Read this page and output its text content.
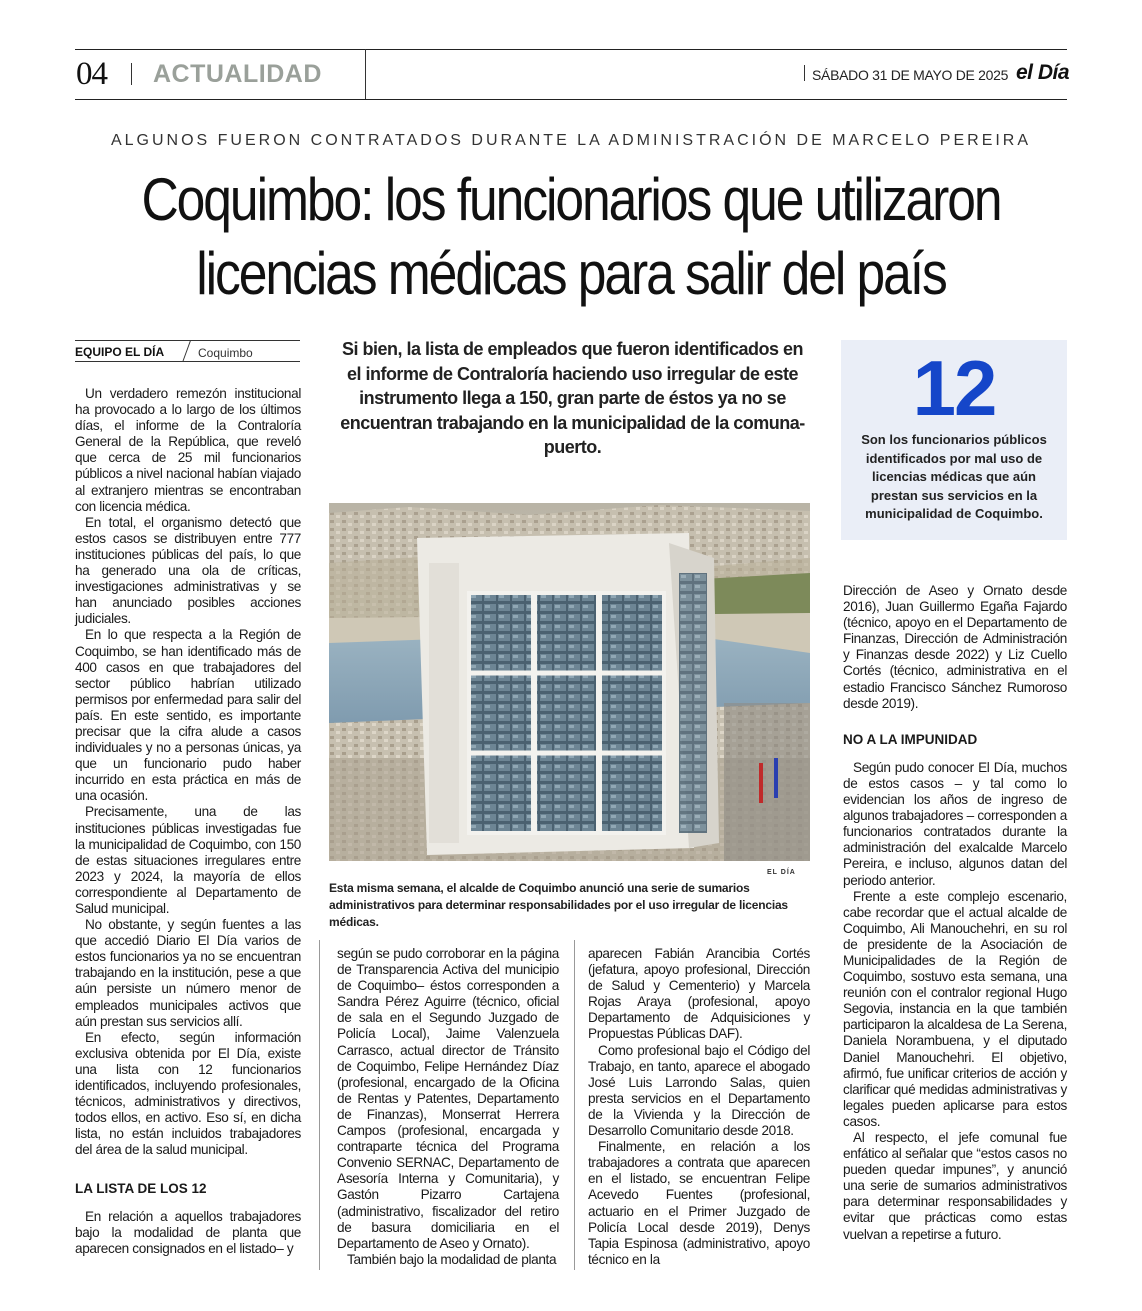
04 ACTUALIDAD	SÁBADO 31 DE MAYO DE 2025 el Día
ALGUNOS FUERON CONTRATADOS DURANTE LA ADMINISTRACIÓN DE MARCELO PEREIRA
Coquimbo: los funcionarios que utilizaron
licencias médicas para salir del país
EQUIPO EL DÍA	Coquimbo

Un verdadero remezón institucional ha provocado a lo largo de los últimos días, el informe de la Contraloría General de la República, que reveló que cerca de 25 mil funcionarios públicos a nivel nacional habían viajado al extranjero mientras se encontraban con licencia médica.

En total, el organismo detectó que estos casos se distribuyen entre 777 instituciones públicas del país, lo que ha generado una ola de críticas, investigaciones administrativas y se han anunciado posibles acciones judiciales.

En lo que respecta a la Región de Coquimbo, se han identificado más de 400 casos en que trabajadores del sector público habrían utilizado permisos por enfermedad para salir del país. En este sentido, es importante precisar que la cifra alude a casos individuales y no a personas únicas, ya que un funcionario pudo haber incurrido en esta práctica en más de una ocasión.

Precisamente, una de las instituciones públicas investigadas fue la municipalidad de Coquimbo, con 150 de estas situaciones irregulares entre 2023 y 2024, la mayoría de ellos correspondiente al Departamento de Salud municipal.

No obstante, y según fuentes a las que accedió Diario El Día varios de estos funcionarios ya no se encuentran trabajando en la institución, pese a que aún persiste un número menor de empleados municipales activos que aún prestan sus servicios allí.

En efecto, según información exclusiva obtenida por El Día, existe una lista con 12 funcionarios identificados, incluyendo profesionales, técnicos, administrativos y directivos, todos ellos, en activo. Eso sí, en dicha lista, no están incluidos trabajadores del área de la salud municipal.

LA LISTA DE LOS 12

En relación a aquellos trabajadores bajo la modalidad de planta que aparecen consignados en el listado– y

Si bien, la lista de empleados que fueron identificados en el informe de Contraloría haciendo uso irregular de este instrumento llega a 150, gran parte de éstos ya no se encuentran trabajando en la municipalidad de la comuna-puerto.
12
Son los funcionarios públicos identificados por mal uso de licencias médicas que aún prestan sus servicios en la municipalidad de Coquimbo.
EL DÍA
Esta misma semana, el alcalde de Coquimbo anunció una serie de sumarios administrativos para determinar responsabilidades por el uso irregular de licencias médicas.

según se pudo corroborar en la página de Transparencia Activa del municipio de Coquimbo– éstos corresponden a Sandra Pérez Aguirre (técnico, oficial de sala en el Segundo Juzgado de Policía Local), Jaime Valenzuela Carrasco, actual director de Tránsito de Coquimbo, Felipe Hernández Díaz (profesional, encargado de la Oficina de Rentas y Patentes, Departamento de Finanzas), Monserrat Herrera Campos (profesional, encargada y contraparte técnica del Programa Convenio SERNAC, Departamento de Asesoría Interna y Comunitaria), y Gastón Pizarro Cartajena (administrativo, fiscalizador del retiro de basura domiciliaria en el Departamento de Aseo y Ornato).

También bajo la modalidad de planta

aparecen Fabián Arancibia Cortés (jefatura, apoyo profesional, Dirección de Salud y Cementerio) y Marcela Rojas Araya (profesional, apoyo Departamento de Adquisiciones y Propuestas Públicas DAF).

Como profesional bajo el Código del Trabajo, en tanto, aparece el abogado José Luis Larrondo Salas, quien presta servicios en el Departamento de la Vivienda y la Dirección de Desarrollo Comunitario desde 2018.

Finalmente, en relación a los trabajadores a contrata que aparecen en el listado, se encuentran Felipe Acevedo Fuentes (profesional, actuario en el Primer Juzgado de Policía Local desde 2019), Denys Tapia Espinosa (administrativo, apoyo técnico en la

Dirección de Aseo y Ornato desde 2016), Juan Guillermo Egaña Fajardo (técnico, apoyo en el Departamento de Finanzas, Dirección de Administración y Finanzas desde 2022) y Liz Cuello Cortés (técnico, administrativa en el estadio Francisco Sánchez Rumoroso desde 2019).

NO A LA IMPUNIDAD

Según pudo conocer El Día, muchos de estos casos – y tal como lo evidencian los años de ingreso de algunos trabajadores – corresponden a funcionarios contratados durante la administración del exalcalde Marcelo Pereira, e incluso, algunos datan del periodo anterior.

Frente a este complejo escenario, cabe recordar que el actual alcalde de Coquimbo, Ali Manouchehri, en su rol de presidente de la Asociación de Municipalidades de la Región de Coquimbo, sostuvo esta semana, una reunión con el contralor regional Hugo Segovia, instancia en la que también participaron la alcaldesa de La Serena, Daniela Norambuena, y el diputado Daniel Manouchehri. El objetivo, afirmó, fue unificar criterios de acción y clarificar qué medidas administrativas y legales pueden aplicarse para estos casos.

Al respecto, el jefe comunal fue enfático al señalar que “estos casos no pueden quedar impunes”, y anunció una serie de sumarios administrativos para determinar responsabilidades y evitar que prácticas como estas vuelvan a repetirse a futuro.
